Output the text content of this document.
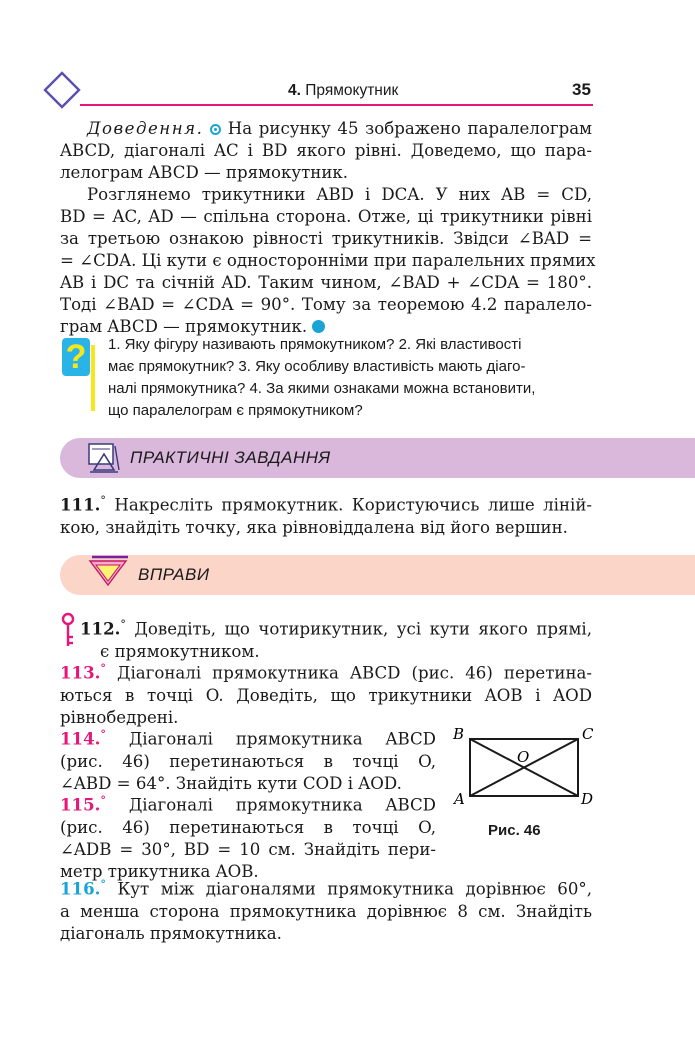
4. Прямокутник	35
Доведення. На рисунку 45 зображено паралелограм
ABCD, діагоналі AC і BD якого рівні. Доведемо, що пара-
лелограм ABCD — прямокутник.
Розглянемо трикутники ABD і DCA. У них AB = CD,
BD = AC, AD — спільна сторона. Отже, ці трикутники рівні
за третьою ознакою рівності трикутників. Звідси ∠BAD =
= ∠CDA. Ці кути є односторонніми при паралельних прямих
AB і DC та січній AD. Таким чином, ∠BAD + ∠CDA = 180°.
Тоді ∠BAD = ∠CDA = 90°. Тому за теоремою 4.2 паралело-
грам ABCD — прямокутник.
? 1. Яку фігуру називають прямокутником? 2. Які властивості
має прямокутник? 3. Яку особливу властивість мають діаго-
налі прямокутника? 4. За якими ознаками можна встановити,
що паралелограм є прямокутником?
ПРАКТИЧНІ ЗАВДАННЯ
111.° Накресліть прямокутник. Користуючись лише лінiй-
кою, знайдіть точку, яка рівновіддалена від його вершин.
ВПРАВИ
112.° Доведіть, що чотирикутник, усі кути якого прямі,
є прямокутником.
113.° Діагоналі прямокутника ABCD (рис. 46) перетина-
ються в точці O. Доведіть, що трикутники AOB і AOD
рівнобедрені.
114.° Діагоналі прямокутника ABCD
(рис. 46) перетинаються в точці O,
∠ABD = 64°. Знайдіть кути COD і AOD.
115.° Діагоналі прямокутника ABCD
(рис. 46) перетинаються в точці O,
∠ADB = 30°, BD = 10 см. Знайдіть пери-
метр трикутника AOB.
116.° Кут між діагоналями прямокутника дорівнює 60°,
а менша сторона прямокутника дорівнює 8 см. Знайдіть
діагональ прямокутника.
B	C
A	D
O
Рис. 46
